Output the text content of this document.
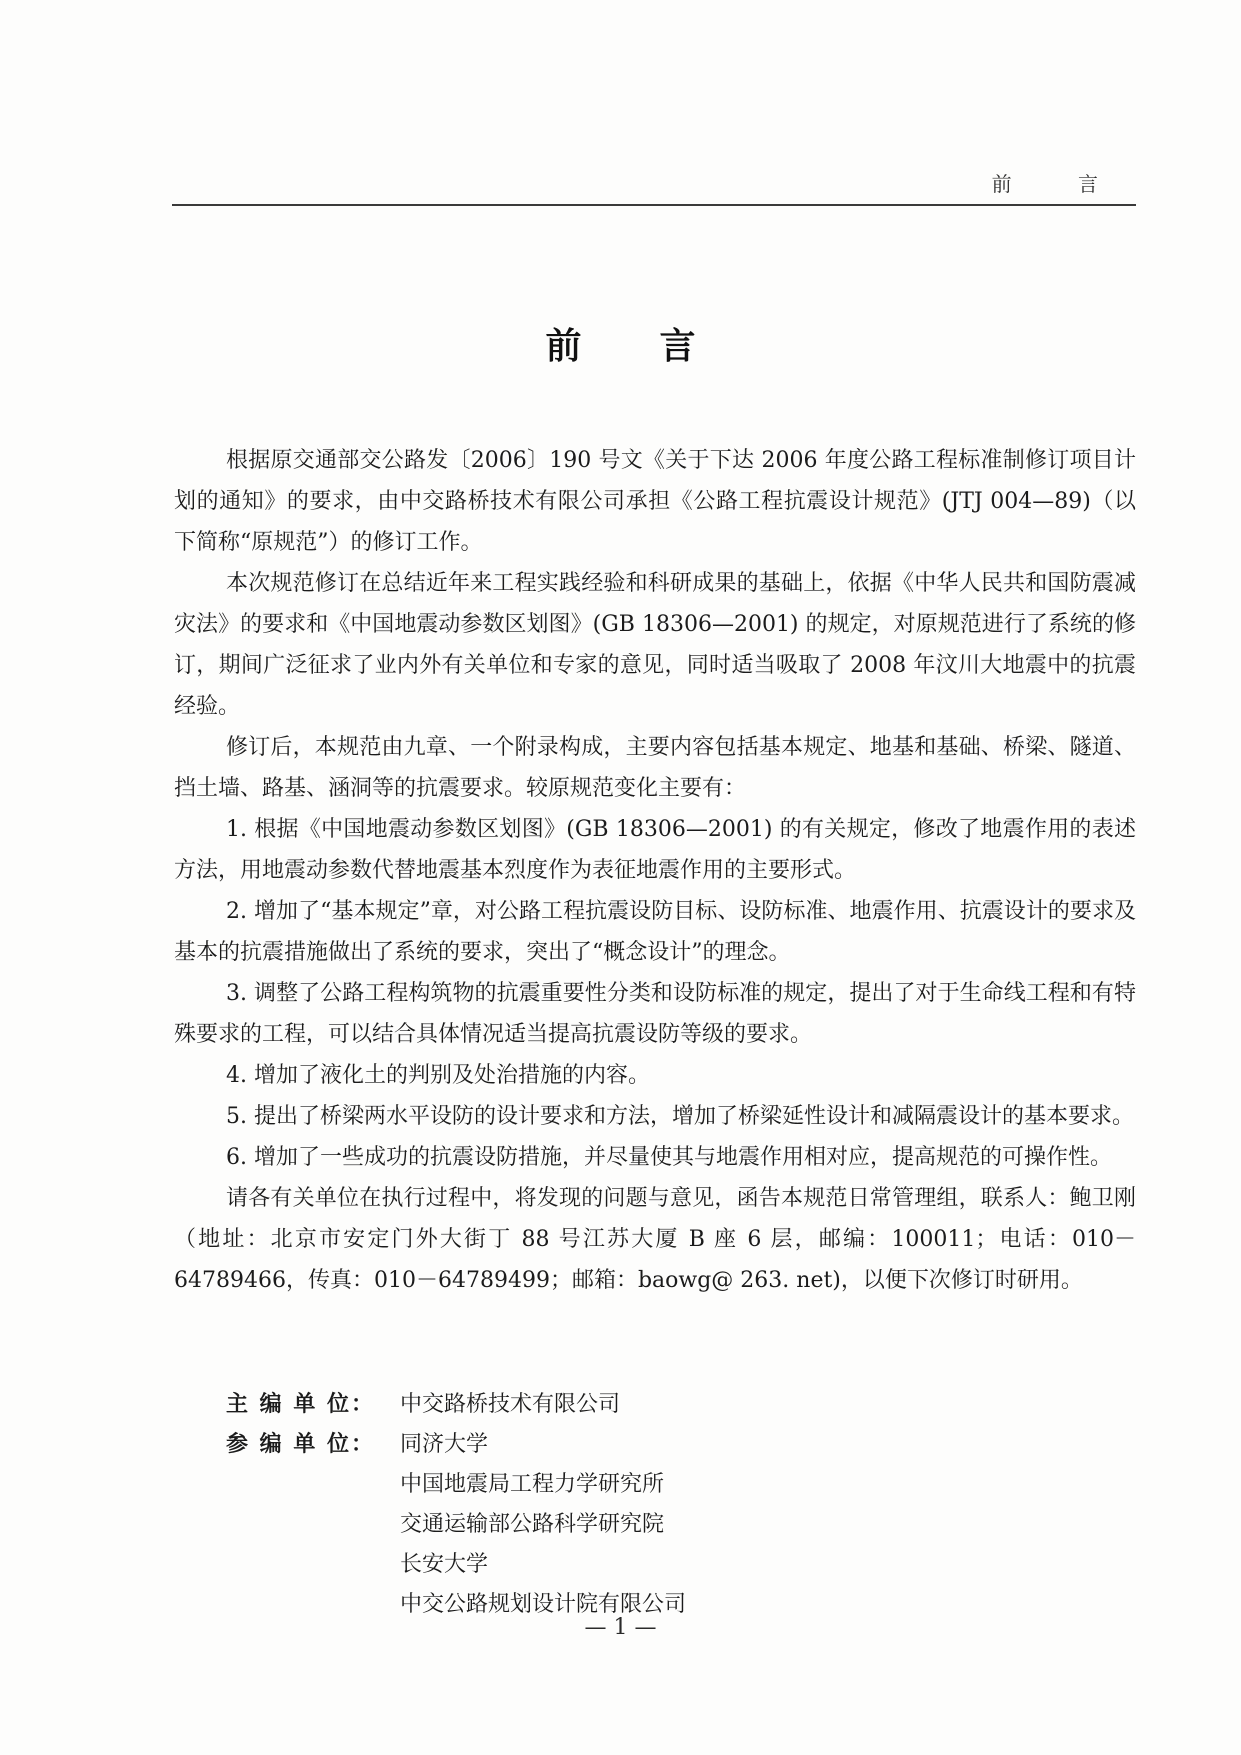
前 言
前言

根据原交通部交公路发〔2006〕190 号文《关于下达 2006 年度公路工程标准制修订项目计划的通知》的要求，由中交路桥技术有限公司承担《公路工程抗震设计规范》(JTJ 004—89)（以下简称“原规范”）的修订工作。

本次规范修订在总结近年来工程实践经验和科研成果的基础上，依据《中华人民共和国防震减灾法》的要求和《中国地震动参数区划图》(GB 18306—2001) 的规定，对原规范进行了系统的修订，期间广泛征求了业内外有关单位和专家的意见，同时适当吸取了 2008 年汶川大地震中的抗震经验。

修订后，本规范由九章、一个附录构成，主要内容包括基本规定、地基和基础、桥梁、隧道、挡土墙、路基、涵洞等的抗震要求。较原规范变化主要有：

1. 根据《中国地震动参数区划图》(GB 18306—2001) 的有关规定，修改了地震作用的表述方法，用地震动参数代替地震基本烈度作为表征地震作用的主要形式。

2. 增加了“基本规定”章，对公路工程抗震设防目标、设防标准、地震作用、抗震设计的要求及基本的抗震措施做出了系统的要求，突出了“概念设计”的理念。

3. 调整了公路工程构筑物的抗震重要性分类和设防标准的规定，提出了对于生命线工程和有特殊要求的工程，可以结合具体情况适当提高抗震设防等级的要求。

4. 增加了液化土的判别及处治措施的内容。

5. 提出了桥梁两水平设防的设计要求和方法，增加了桥梁延性设计和减隔震设计的基本要求。

6. 增加了一些成功的抗震设防措施，并尽量使其与地震作用相对应，提高规范的可操作性。

请各有关单位在执行过程中，将发现的问题与意见，函告本规范日常管理组，联系人：鲍卫刚（地址：北京市安定门外大街丁 88 号江苏大厦 B 座 6 层，邮编：100011；电话：010－64789466，传真：010－64789499；邮箱：baowg@ 263. net)，以便下次修订时研用。

主 编 单 位：	中交路桥技术有限公司
参 编 单 位：	同济大学
中国地震局工程力学研究所
交通运输部公路科学研究院
长安大学
中交公路规划设计院有限公司
— 1 —
